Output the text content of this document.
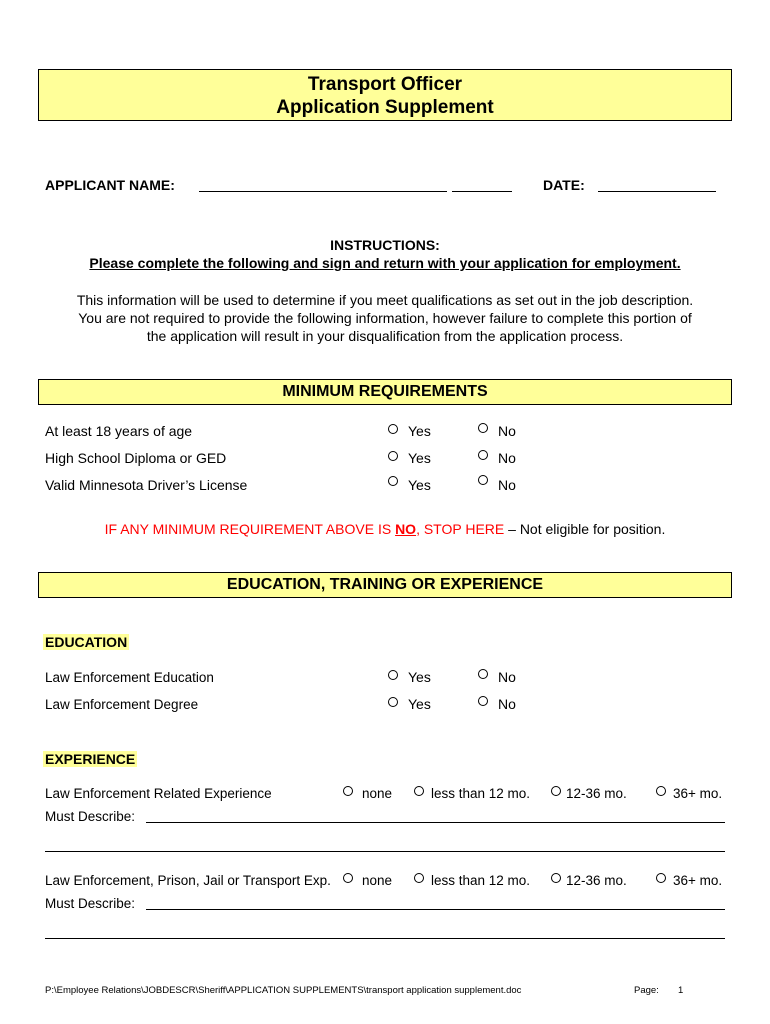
Transport Officer
Application Supplement
APPLICANT NAME:	DATE:
INSTRUCTIONS:
Please complete the following and sign and return with your application for employment.
This information will be used to determine if you meet qualifications as set out in the job description.
You are not required to provide the following information, however failure to complete this portion of
the application will result in your disqualification from the application process.
MINIMUM REQUIREMENTS
At least 18 years of age	Yes	No
High School Diploma or GED	Yes	No
Valid Minnesota Driver’s License	Yes	No
IF ANY MINIMUM REQUIREMENT ABOVE IS NO, STOP HERE – Not eligible for position.
EDUCATION, TRAINING OR EXPERIENCE
EDUCATION
Law Enforcement Education	Yes	No
Law Enforcement Degree	Yes	No
EXPERIENCE
Law Enforcement Related Experience	none	less than 12 mo.	12-36 mo.	36+ mo.
Must Describe:
Law Enforcement, Prison, Jail or Transport Exp. none	less than 12 mo.	12-36 mo.	36+ mo.
Must Describe:
P:\Employee Relations\JOBDESCR\Sheriff\APPLICATION SUPPLEMENTS\transport application supplement.doc	Page: 1
